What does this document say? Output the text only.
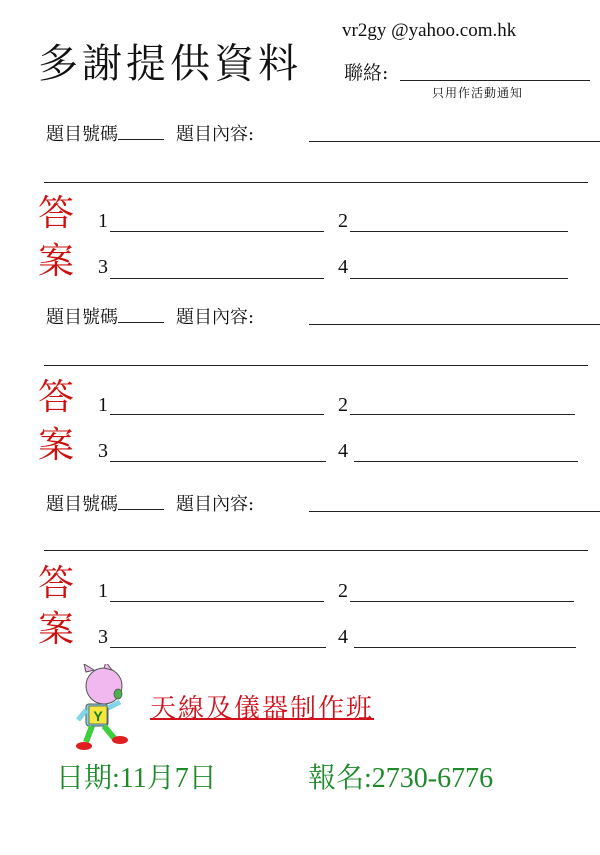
多謝提供資料
vr2gy @yahoo.com.hk
聯絡:
只用作活動通知
題目號碼	題目內容:
答
案
1	2
3	4
題目號碼	題目內容:
答
案
1	2
3	4
題目號碼	題目內容:
答
案
1	2
3	4
Y 天線及儀器制作班
日期:11月7日	報名:2730-6776
